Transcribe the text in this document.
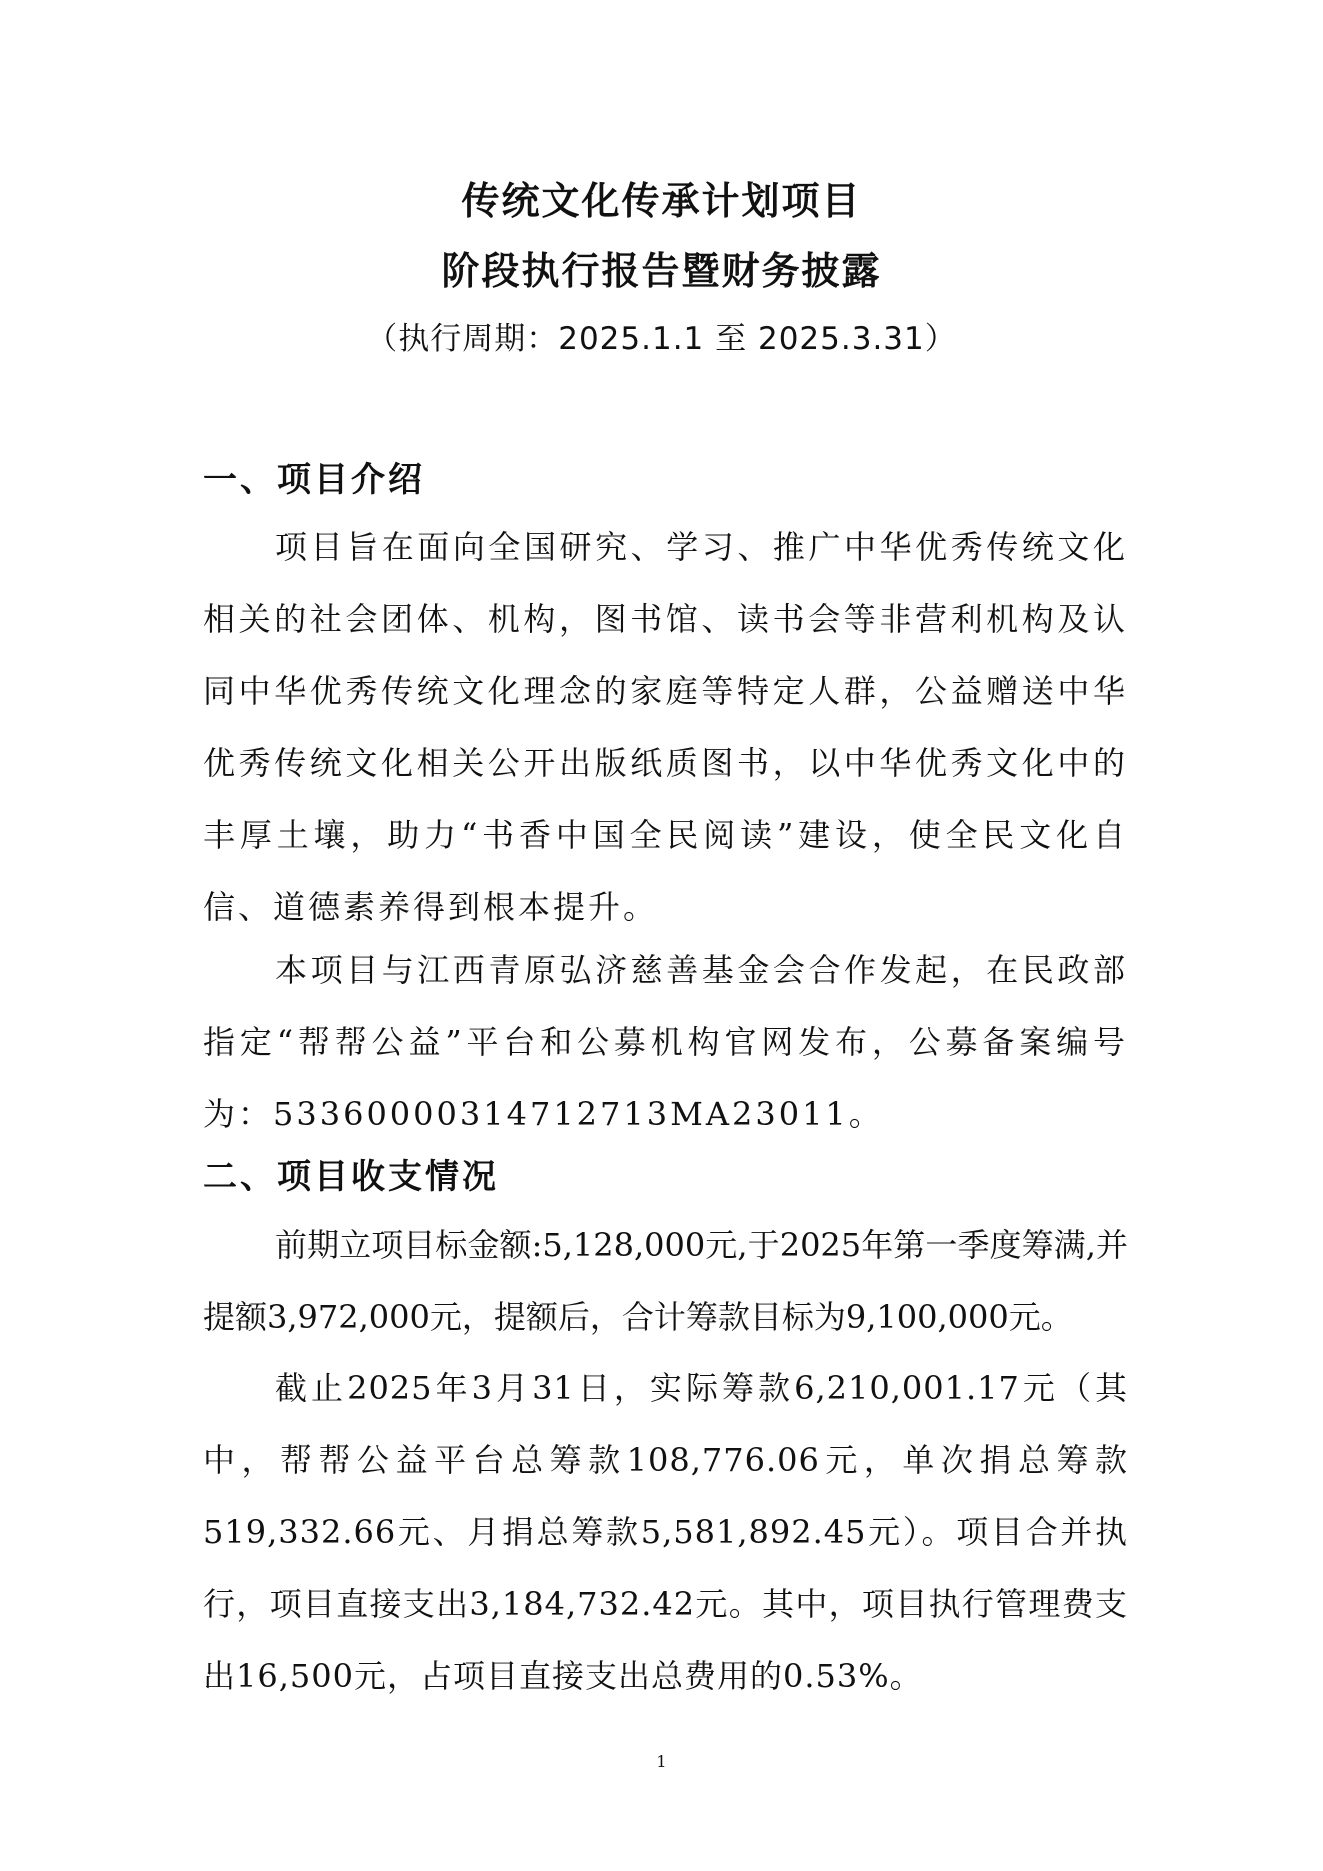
传统文化传承计划项目
阶段执行报告暨财务披露
（执行周期：2025.1.1 至 2025.3.31）
一、项目介绍

项目旨在面向全国研究、学习、推广中华优秀传统文化相关的社会团体、机构，图书馆、读书会等非营利机构及认同中华优秀传统文化理念的家庭等特定人群，公益赠送中华优秀传统文化相关公开出版纸质图书，以中华优秀文化中的丰厚土壤，助力“书香中国全民阅读”建设，使全民文化自信、道德素养得到根本提升。

本项目与江西青原弘济慈善基金会合作发起，在民政部指定“帮帮公益”平台和公募机构官网发布，公募备案编号为：53360000314712713MA23011。

二、项目收支情况

前期立项目标金额:5,128,000元,于2025年第一季度筹满,并提额3,972,000元，提额后，合计筹款目标为9,100,000元。

截止2025年3月31日，实际筹款6,210,001.17元（其中，帮帮公益平台总筹款108,776.06元，单次捐总筹款519,332.66元、月捐总筹款5,581,892.45元）。项目合并执行，项目直接支出3,184,732.42元。其中，项目执行管理费支出16,500元，占项目直接支出总费用的0.53%。

1
